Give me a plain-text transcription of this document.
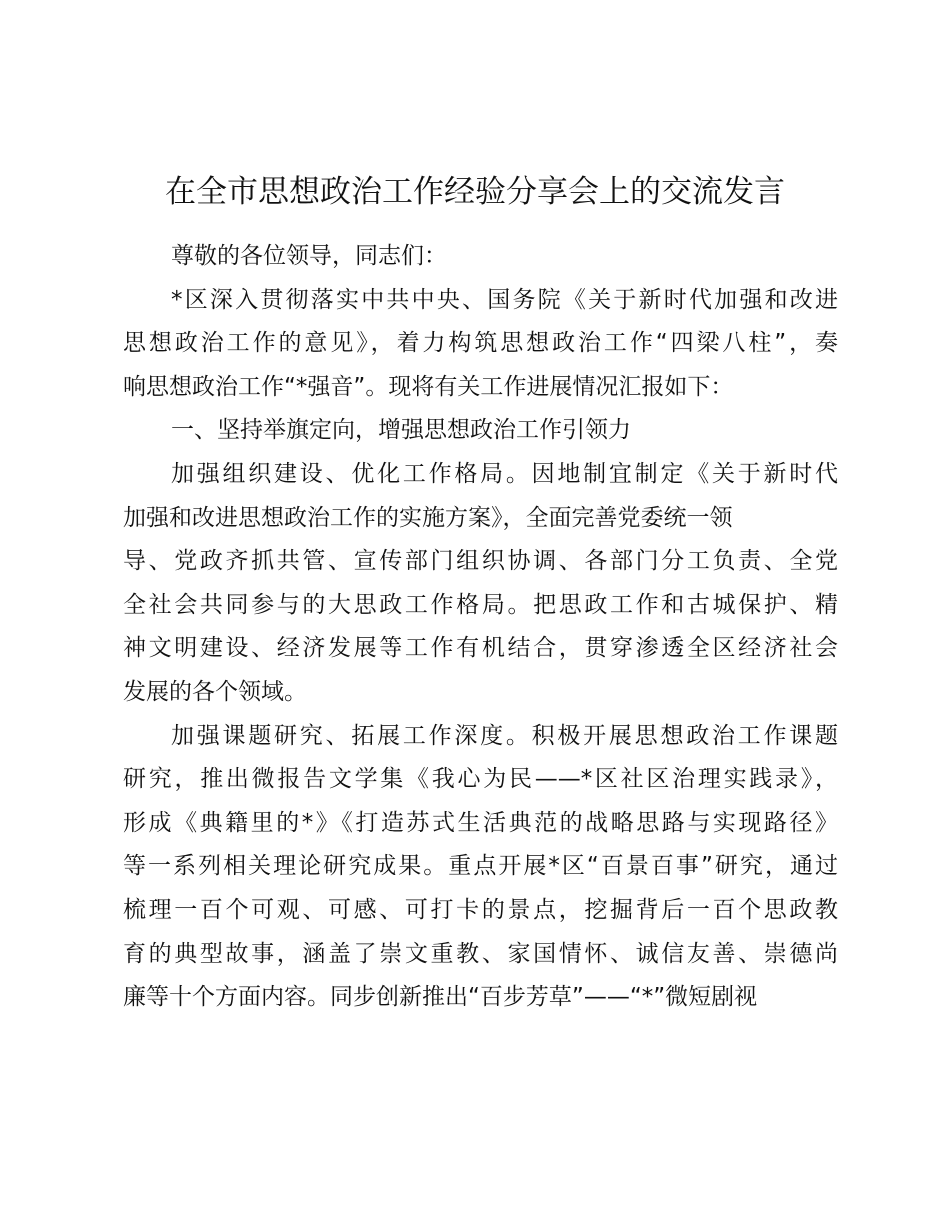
在全市思想政治工作经验分享会上的交流发言
尊敬的各位领导，同志们：
*区深入贯彻落实中共中央、国务院《关于新时代加强和改进
思想政治工作的意见》，着力构筑思想政治工作“四梁八柱”，奏
响思想政治工作“*强音”。现将有关工作进展情况汇报如下：
一、坚持举旗定向，增强思想政治工作引领力
加强组织建设、优化工作格局。因地制宜制定《关于新时代
加强和改进思想政治工作的实施方案》，全面完善党委统一领
导、党政齐抓共管、宣传部门组织协调、各部门分工负责、全党
全社会共同参与的大思政工作格局。把思政工作和古城保护、精
神文明建设、经济发展等工作有机结合，贯穿渗透全区经济社会
发展的各个领域。
加强课题研究、拓展工作深度。积极开展思想政治工作课题
研究，推出微报告文学集《我心为民——*区社区治理实践录》，
形成《典籍里的*》《打造苏式生活典范的战略思路与实现路径》
等一系列相关理论研究成果。重点开展*区“百景百事”研究，通过
梳理一百个可观、可感、可打卡的景点，挖掘背后一百个思政教
育的典型故事，涵盖了崇文重教、家国情怀、诚信友善、崇德尚
廉等十个方面内容。同步创新推出“百步芳草”——“*”微短剧视
